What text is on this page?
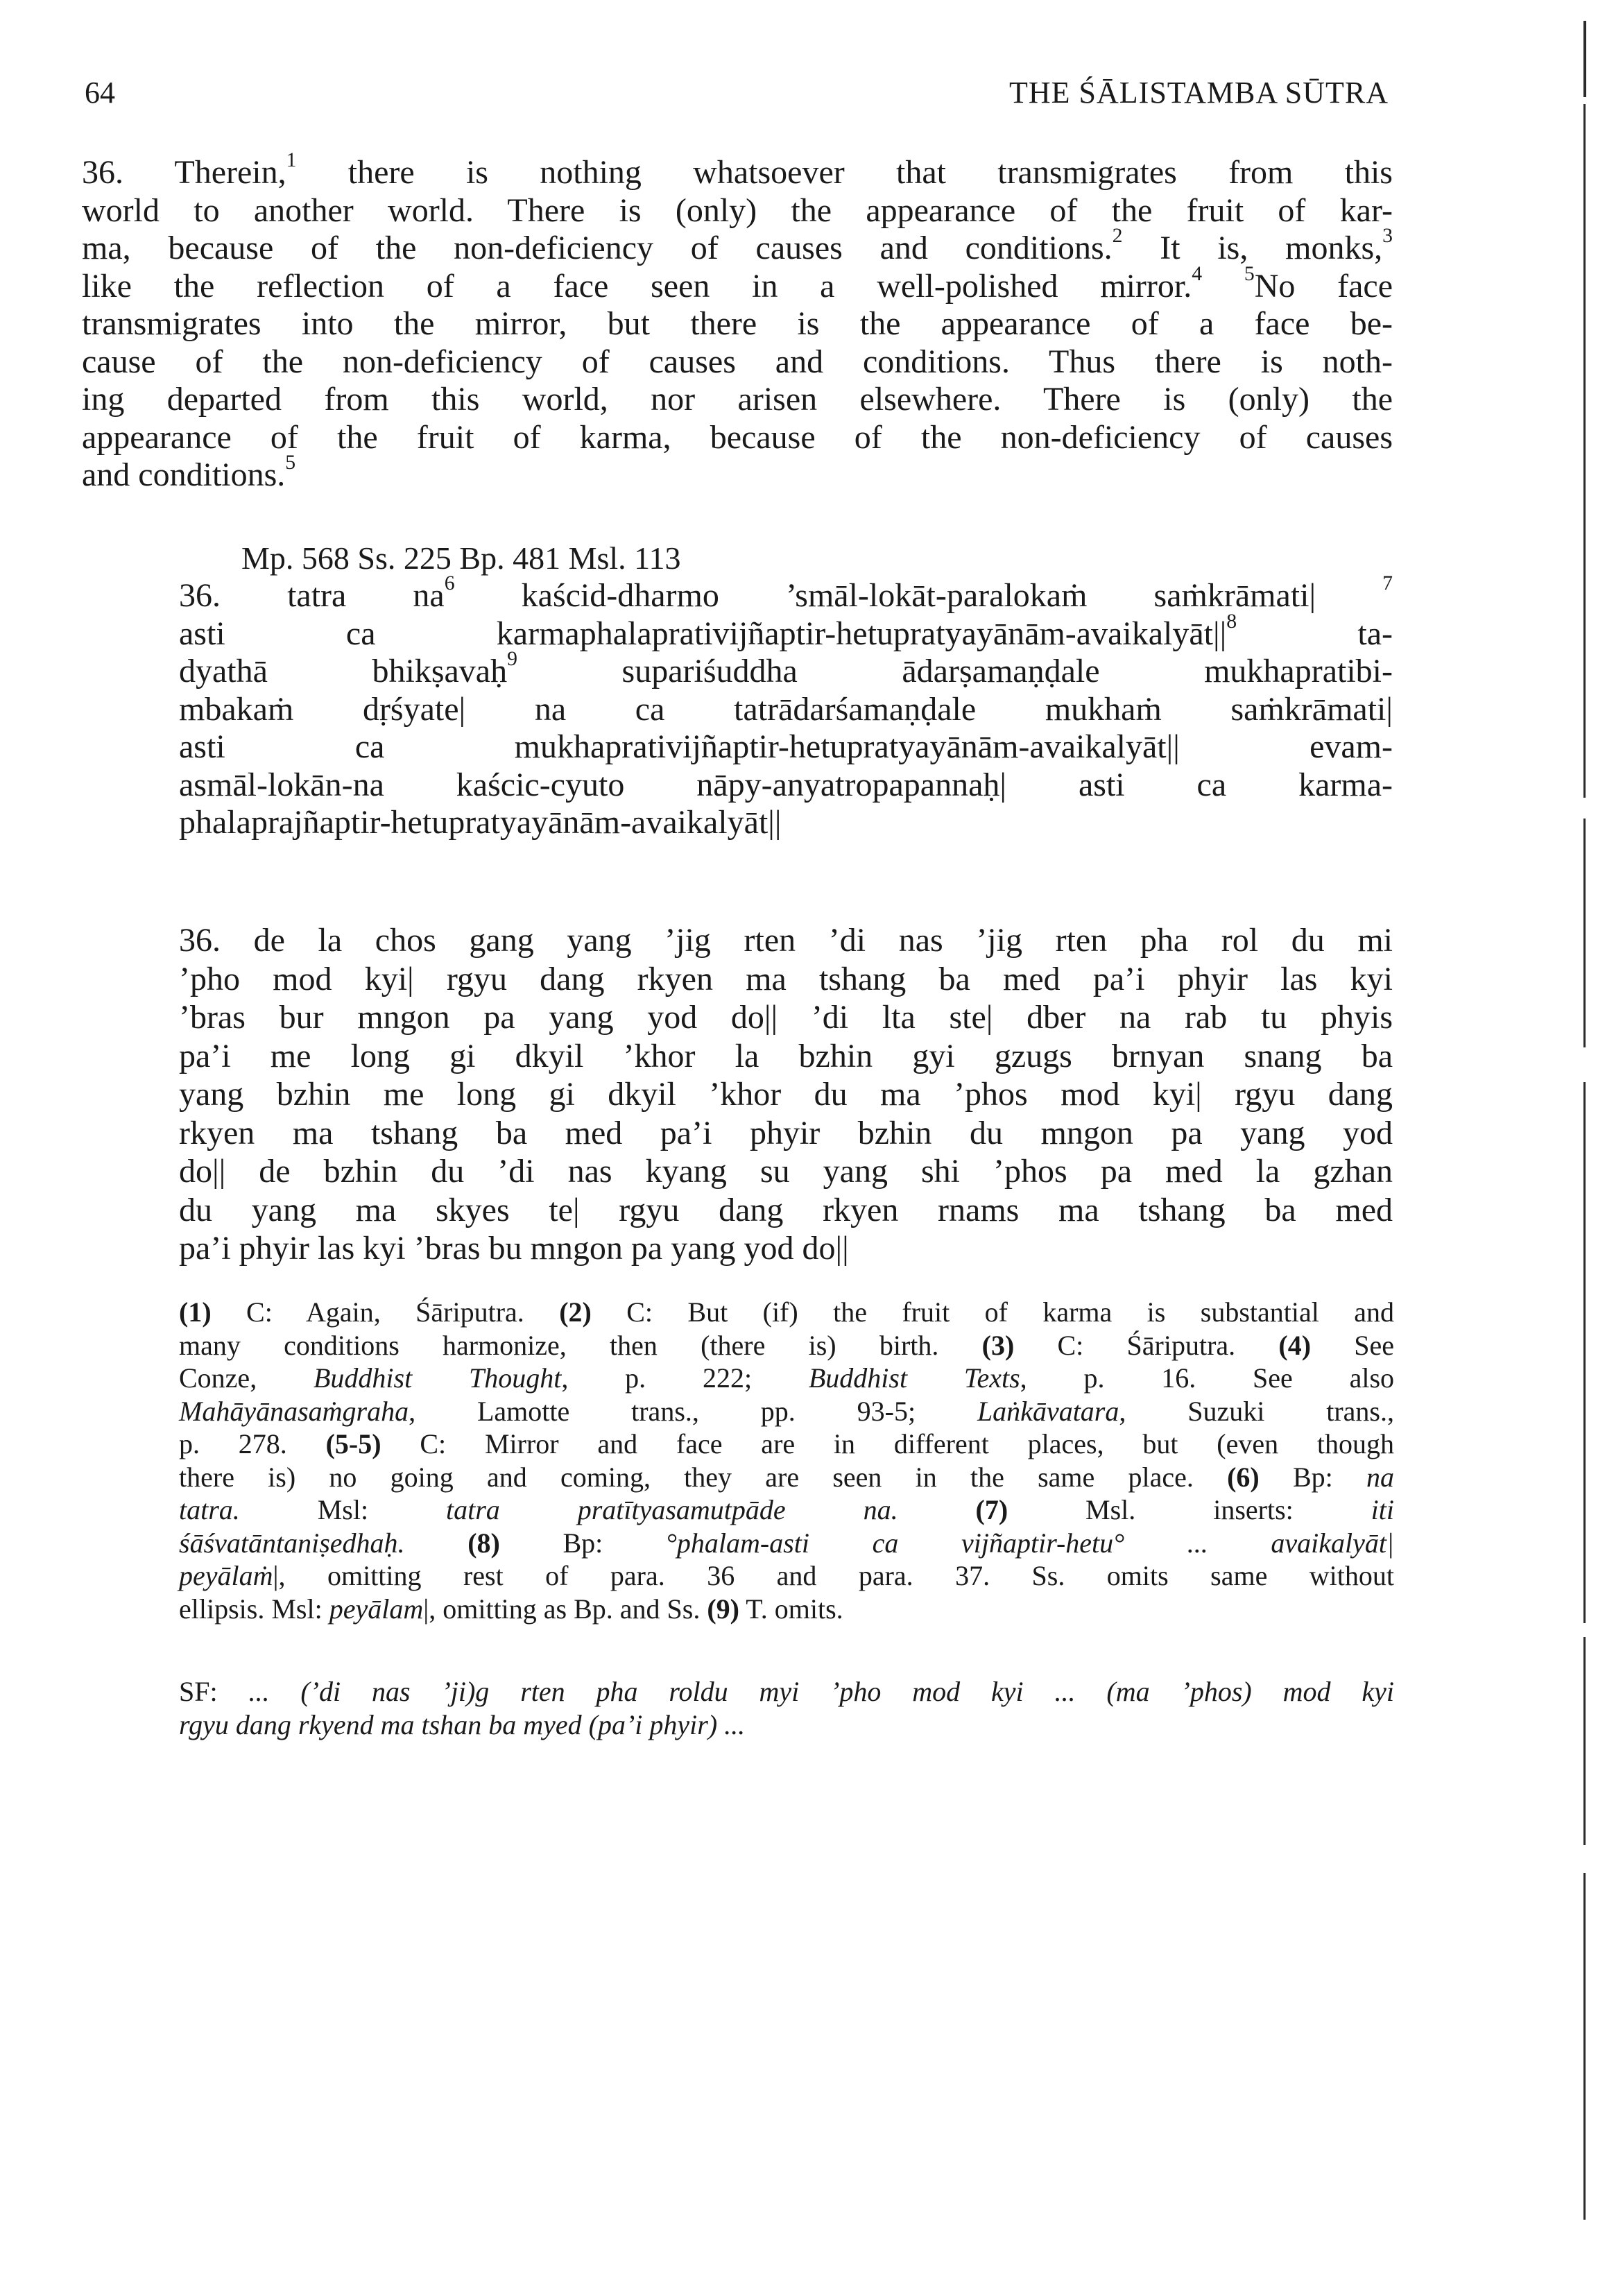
64	THE ŚĀLISTAMBA SŪTRA
36. Therein,$^1$ there is nothing whatsoever that transmigrates from this
world to another world. There is (only) the appearance of the fruit of kar-
ma, because of the non-deficiency of causes and conditions.$^2$ It is, monks,$^3$
like the reflection of a face seen in a well-polished mirror.$^4$ $^5$No face
transmigrates into the mirror, but there is the appearance of a face be-
cause of the non-deficiency of causes and conditions. Thus there is noth-
ing departed from this world, nor arisen elsewhere. There is (only) the
appearance of the fruit of karma, because of the non-deficiency of causes
and conditions.$^5$
Mp. 568 Ss. 225 Bp. 481 Msl. 113
36. tatra $na^6$ kaścid-dharmo ’smāl-lokāt-paralokaṁ saṁkrāmati| $^7$
asti ca karmaphalaprativijñaptir-$hetupratyayānām-avaikalyāt||^8$ ta-
dyathā bhikṣavaḥ$^9$ supariśuddha ādarṣamaṇḍale mukhapratibi-
mbakaṁ dṛśyate| na ca tatrādarśamaṇḍale mukhaṁ saṁkrāmati|
asti ca mukhaprativijñaptir-hetupratyayānām-avaikalyāt|| evam-
asmāl-lokān-na kaścic-cyuto nāpy-anyatropapannaḥ| asti ca karma-
phalaprajñaptir-hetupratyayānām-avaikalyāt||
36. de la chos gang yang ’jig rten ’di nas ’jig rten pha rol du mi
’pho mod kyi| rgyu dang rkyen ma tshang ba med pa’i phyir las kyi
’bras bur mngon pa yang yod do|| ’di lta ste| dber na rab tu phyis
pa’i me long gi dkyil ’khor la bzhin gyi gzugs brnyan snang ba
yang bzhin me long gi dkyil ’khor du ma ’phos mod kyi| rgyu dang
rkyen ma tshang ba med pa’i phyir bzhin du mngon pa yang yod
do|| de bzhin du ’di nas kyang su yang shi ’phos pa med la gzhan
du yang ma skyes te| rgyu dang rkyen rnams ma tshang ba med
pa’i phyir las kyi ’bras bu mngon pa yang yod do||
(1) C: Again, Śāriputra. (2) C: But (if) the fruit of karma is substantial and
many conditions harmonize, then (there is) birth. (3) C: Śāriputra. (4) See
Conze, Buddhist Thought, p. 222; Buddhist Texts, p. 16. See also
Mahāyānasaṁgraha, Lamotte trans., pp. 93-5; Laṅkāvatara, Suzuki trans.,
p. 278. (5-5) C: Mirror and face are in different places, but (even though
there is) no going and coming, they are seen in the same place. (6) Bp: na
tatra. Msl: tatra pratītyasamutpāde na.	(7) Msl. inserts: iti
śāśvatāntaniṣedhaḥ. (8) Bp: °phalam-asti ca vijñaptir-hetu° ... avaikalyāt|
peyālaṁ|, omitting rest of para. 36 and para. 37. Ss. omits same without
ellipsis. Msl: peyālam|, omitting as Bp. and Ss. (9) T. omits.
SF: ... (’di nas ’ji)g rten pha roldu myi ’pho mod kyi ... (ma ’phos) mod kyi
rgyu dang rkyend ma tshan ba myed (pa’i phyir) ...
